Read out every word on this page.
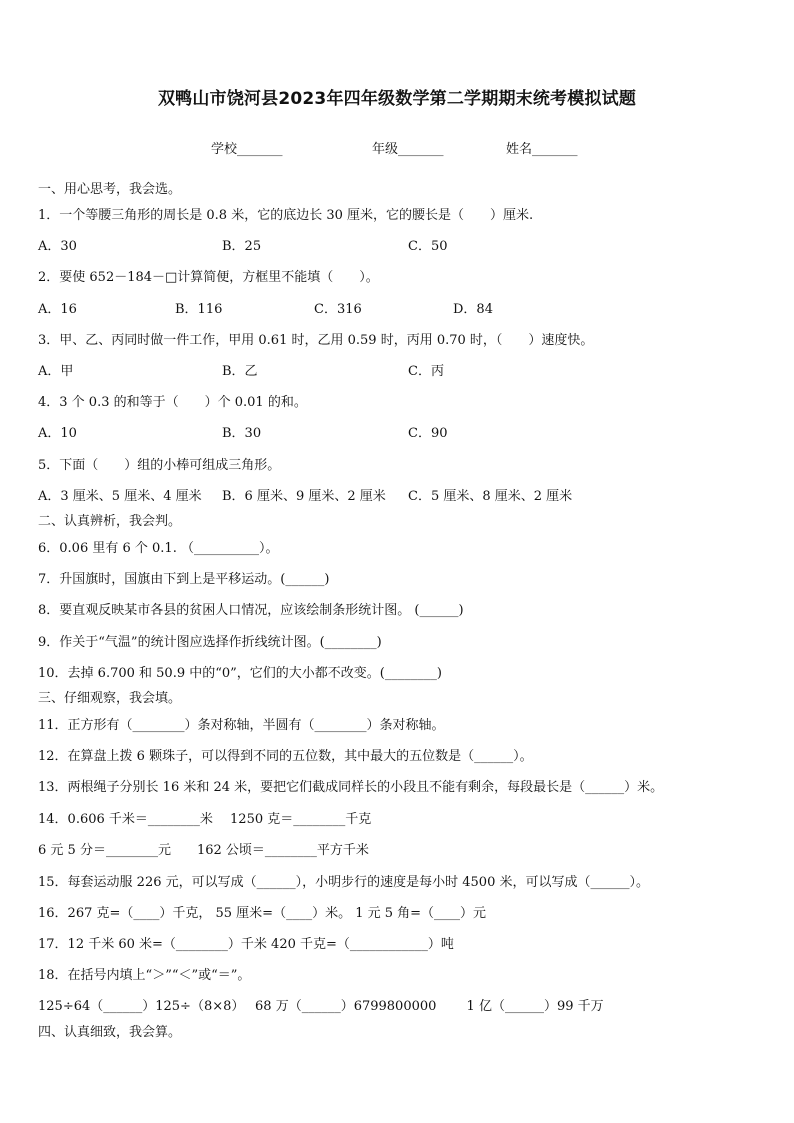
双鸭山市饶河县2023年四年级数学第二学期期末统考模拟试题
学校_______	年级_______	姓名_______
一、用心思考，我会选。
1．一个等腰三角形的周长是 0.8 米，它的底边长 30 厘米，它的腰长是（　　）厘米.
A．30	B．25	C．50
2．要使 652－184－□计算简便，方框里不能填（　　）。
A．16	B．116	C．316	D．84
3．甲、乙、丙同时做一件工作，甲用 0.61 时，乙用 0.59 时，丙用 0.70 时，（　　）速度快。
A．甲	B．乙	C．丙
4．3 个 0.3 的和等于（　　）个 0.01 的和。
A．10	B．30	C．90
5．下面（　　）组的小棒可组成三角形。
A．3 厘米、5 厘米、4 厘米 B．6 厘米、9 厘米、2 厘米 C．5 厘米、8 厘米、2 厘米
二、认真辨析，我会判。
6．0.06 里有 6 个 0.1. （__________）。
7．升国旗时，国旗由下到上是平移运动。(______)
8．要直观反映某市各县的贫困人口情况，应该绘制条形统计图。 (______)
9．作关于“气温”的统计图应选择作折线统计图。(________)
10．去掉 6.700 和 50.9 中的“0”，它们的大小都不改变。(________)
三、仔细观察，我会填。
11．正方形有（________）条对称轴，半圆有（________）条对称轴。
12．在算盘上拨 6 颗珠子，可以得到不同的五位数，其中最大的五位数是（______）。
13．两根绳子分别长 16 米和 24 米，要把它们截成同样长的小段且不能有剩余，每段最长是（______）米。
14．0.606 千米＝________米　 1250 克＝________千克
6 元 5 分＝________元　　162 公顷＝________平方千米
15．每套运动服 226 元，可以写成（______），小明步行的速度是每小时 4500 米，可以写成（______）。
16．267 克=（____）千克， 55 厘米=（____）米。 1 元 5 角=（____）元
17．12 千米 60 米=（________）千米 420 千克=（____________）吨
18．在括号内填上“＞”“＜”或“＝”。
125÷64（______）125÷（8×8）　 68 万（______）6799800000　　 1 亿（______）99 千万
四、认真细致，我会算。
